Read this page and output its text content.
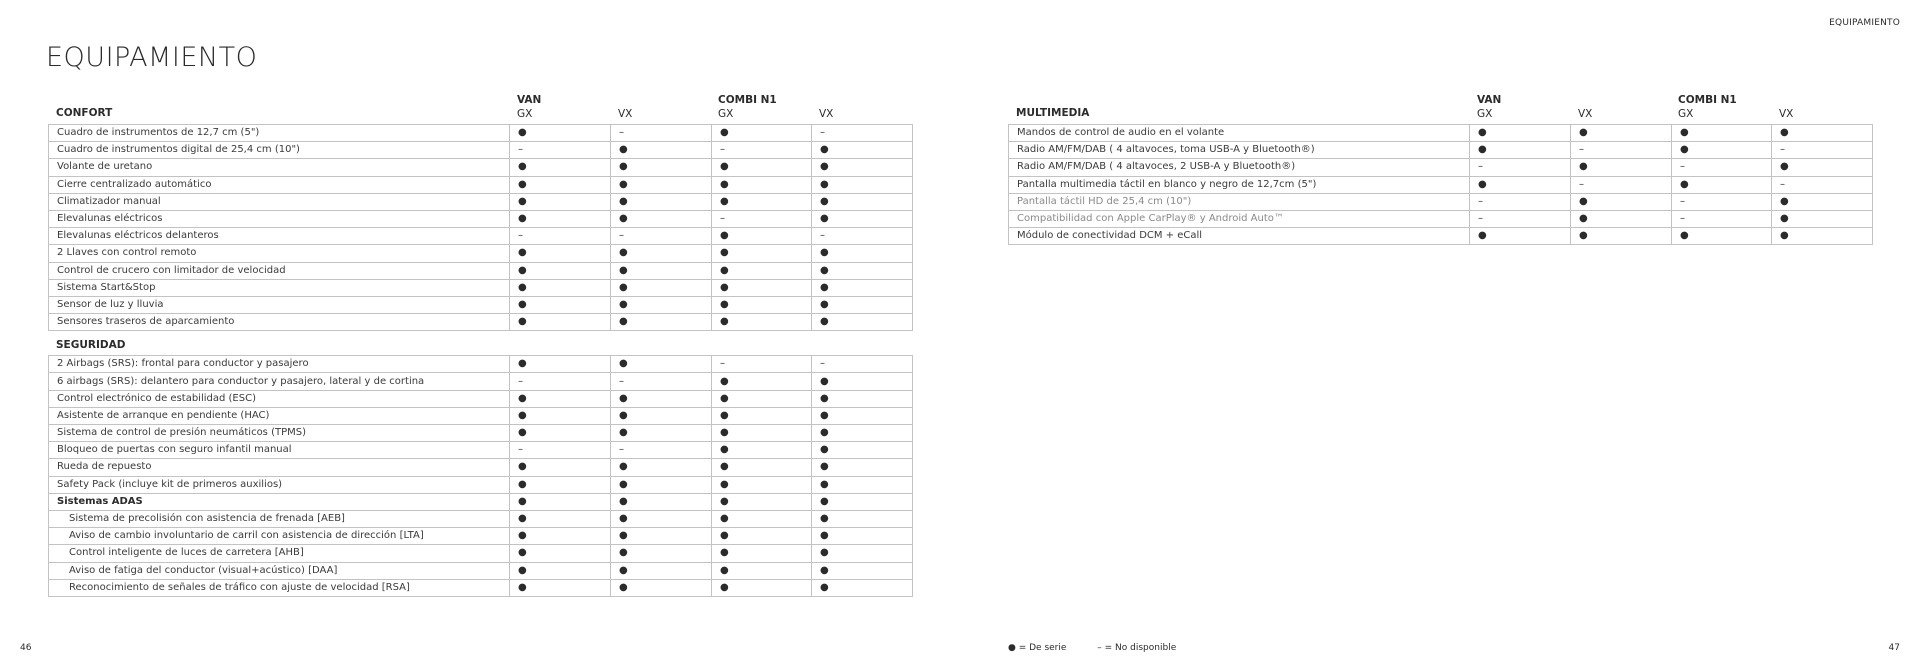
EQUIPAMIENTO
EQUIPAMIENTO
CONFORT
VAN	COMBI N1
GX	VX	GX	VX
Cuadro de instrumentos de 12,7 cm (5")	●	–	●	–
Cuadro de instrumentos digital de 25,4 cm (10")	–	●	–	●
Volante de uretano	●	●	●	●
Cierre centralizado automático	●	●	●	●
Climatizador manual	●	●	●	●
Elevalunas eléctricos	●	●	–	●
Elevalunas eléctricos delanteros	–	–	●	–
2 Llaves con control remoto	●	●	●	●
Control de crucero con limitador de velocidad	●	●	●	●
Sistema Start&Stop	●	●	●	●
Sensor de luz y lluvia	●	●	●	●
Sensores traseros de aparcamiento	●	●	●	●
SEGURIDAD
2 Airbags (SRS): frontal para conductor y pasajero	●	●	–	–
6 airbags (SRS): delantero para conductor y pasajero, lateral y de cortina	–	–	●	●
Control electrónico de estabilidad (ESC)	●	●	●	●
Asistente de arranque en pendiente (HAC)	●	●	●	●
Sistema de control de presión neumáticos (TPMS)	●	●	●	●
Bloqueo de puertas con seguro infantil manual	–	–	●	●
Rueda de repuesto	●	●	●	●
Safety Pack (incluye kit de primeros auxilios)	●	●	●	●
Sistemas ADAS	●	●	●	●
Sistema de precolisión con asistencia de frenada [AEB]	●	●	●	●
Aviso de cambio involuntario de carril con asistencia de dirección [LTA]	●	●	●	●
Control inteligente de luces de carretera [AHB]	●	●	●	●
Aviso de fatiga del conductor (visual+acústico) [DAA]	●	●	●	●
Reconocimiento de señales de tráfico con ajuste de velocidad [RSA]	●	●	●	●
MULTIMEDIA
VAN	COMBI N1
GX	VX	GX	VX
Mandos de control de audio en el volante	●	●	●	●
Radio AM/FM/DAB ( 4 altavoces, toma USB-A y Bluetooth®)	●	–	●	–
Radio AM/FM/DAB ( 4 altavoces, 2 USB-A y Bluetooth®)	–	●	–	●
Pantalla multimedia táctil en blanco y negro de 12,7cm (5")	●	–	●	–
Pantalla táctil HD de 25,4 cm (10")	–	●	–	●
Compatibilidad con Apple CarPlay® y Android Auto™	–	●	–	●
Módulo de conectividad DCM + eCall	●	●	●	●
46	● = De serie	– = No disponible	47
